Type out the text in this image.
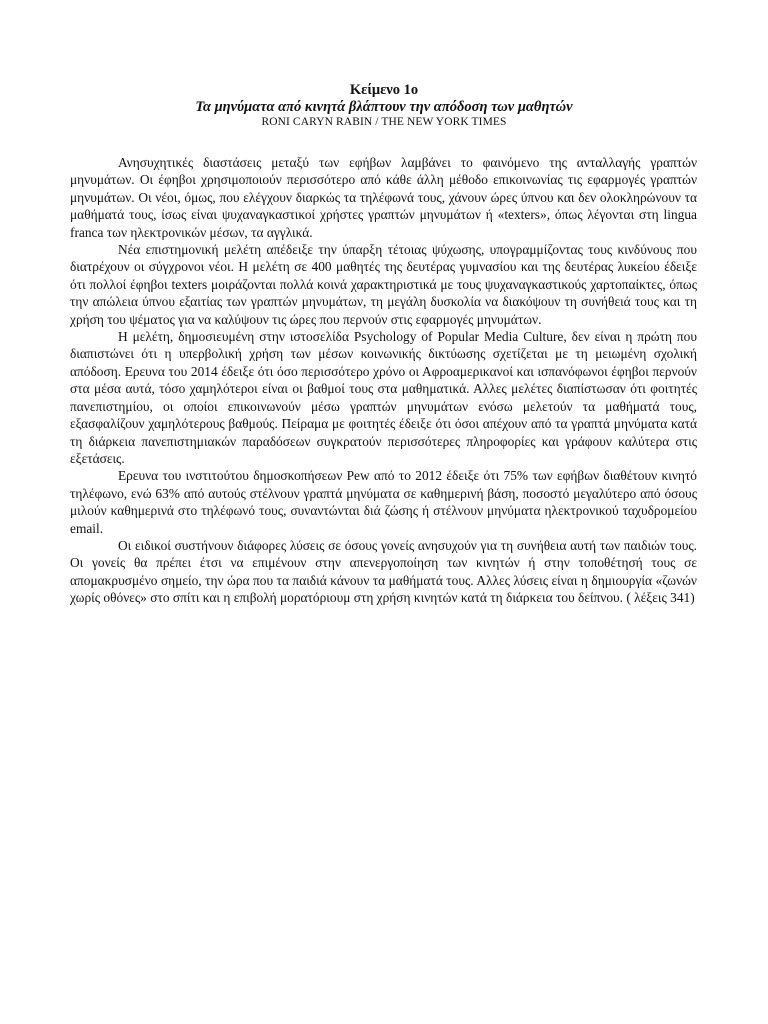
Κείμενο 1ο

Τα μηνύματα από κινητά βλάπτουν την απόδοση των μαθητών

RONI CARYN RABIN / THE NEW YORK TIMES

Ανησυχητικές διαστάσεις μεταξύ των εφήβων λαμβάνει το φαινόμενο της ανταλλαγής γραπτών μηνυμάτων. Οι έφηβοι χρησιμοποιούν περισσότερο από κάθε άλλη μέθοδο επικοινωνίας τις εφαρμογές γραπτών μηνυμάτων. Οι νέοι, όμως, που ελέγχουν διαρκώς τα τηλέφωνά τους, χάνουν ώρες ύπνου και δεν ολοκληρώνουν τα μαθήματά τους, ίσως είναι ψυχαναγκαστικοί χρήστες γραπτών μηνυμάτων ή «texters», όπως λέγονται στη lingua franca των ηλεκτρονικών μέσων, τα αγγλικά.

Νέα επιστημονική μελέτη απέδειξε την ύπαρξη τέτοιας ψύχωσης, υπογραμμίζοντας τους κινδύνους που διατρέχουν οι σύγχρονοι νέοι. Η μελέτη σε 400 μαθητές της δευτέρας γυμνασίου και της δευτέρας λυκείου έδειξε ότι πολλοί έφηβοι texters μοιράζονται πολλά κοινά χαρακτηριστικά με τους ψυχαναγκαστικούς χαρτοπαίκτες, όπως την απώλεια ύπνου εξαιτίας των γραπτών μηνυμάτων, τη μεγάλη δυσκολία να διακόψουν τη συνήθειά τους και τη χρήση του ψέματος για να καλύψουν τις ώρες που περνούν στις εφαρμογές μηνυμάτων.

Η μελέτη, δημοσιευμένη στην ιστοσελίδα Psychology of Popular Media Culture, δεν είναι η πρώτη που διαπιστώνει ότι η υπερβολική χρήση των μέσων κοινωνικής δικτύωσης σχετίζεται με τη μειωμένη σχολική απόδοση. Ερευνα του 2014 έδειξε ότι όσο περισσότερο χρόνο οι Αφροαμερικανοί και ισπανόφωνοι έφηβοι περνούν στα μέσα αυτά, τόσο χαμηλότεροι είναι οι βαθμοί τους στα μαθηματικά. Αλλες μελέτες διαπίστωσαν ότι φοιτητές πανεπιστημίου, οι οποίοι επικοινωνούν μέσω γραπτών μηνυμάτων ενόσω μελετούν τα μαθήματά τους, εξασφαλίζουν χαμηλότερους βαθμούς. Πείραμα με φοιτητές έδειξε ότι όσοι απέχουν από τα γραπτά μηνύματα κατά τη διάρκεια πανεπιστημιακών παραδόσεων συγκρατούν περισσότερες πληροφορίες και γράφουν καλύτερα στις εξετάσεις.

Ερευνα του ινστιτούτου δημοσκοπήσεων Pew από το 2012 έδειξε ότι 75% των εφήβων διαθέτουν κινητό τηλέφωνο, ενώ 63% από αυτούς στέλνουν γραπτά μηνύματα σε καθημερινή βάση, ποσοστό μεγαλύτερο από όσους μιλούν καθημερινά στο τηλέφωνό τους, συναντώνται διά ζώσης ή στέλνουν μηνύματα ηλεκτρονικού ταχυδρομείου email.

Οι ειδικοί συστήνουν διάφορες λύσεις σε όσους γονείς ανησυχούν για τη συνήθεια αυτή των παιδιών τους. Οι γονείς θα πρέπει έτσι να επιμένουν στην απενεργοποίηση των κινητών ή στην τοποθέτησή τους σε απομακρυσμένο σημείο, την ώρα που τα παιδιά κάνουν τα μαθήματά τους. Αλλες λύσεις είναι η δημιουργία «ζωνών χωρίς οθόνες» στο σπίτι και η επιβολή μορατόριουμ στη χρήση κινητών κατά τη διάρκεια του δείπνου. ( λέξεις 341)
